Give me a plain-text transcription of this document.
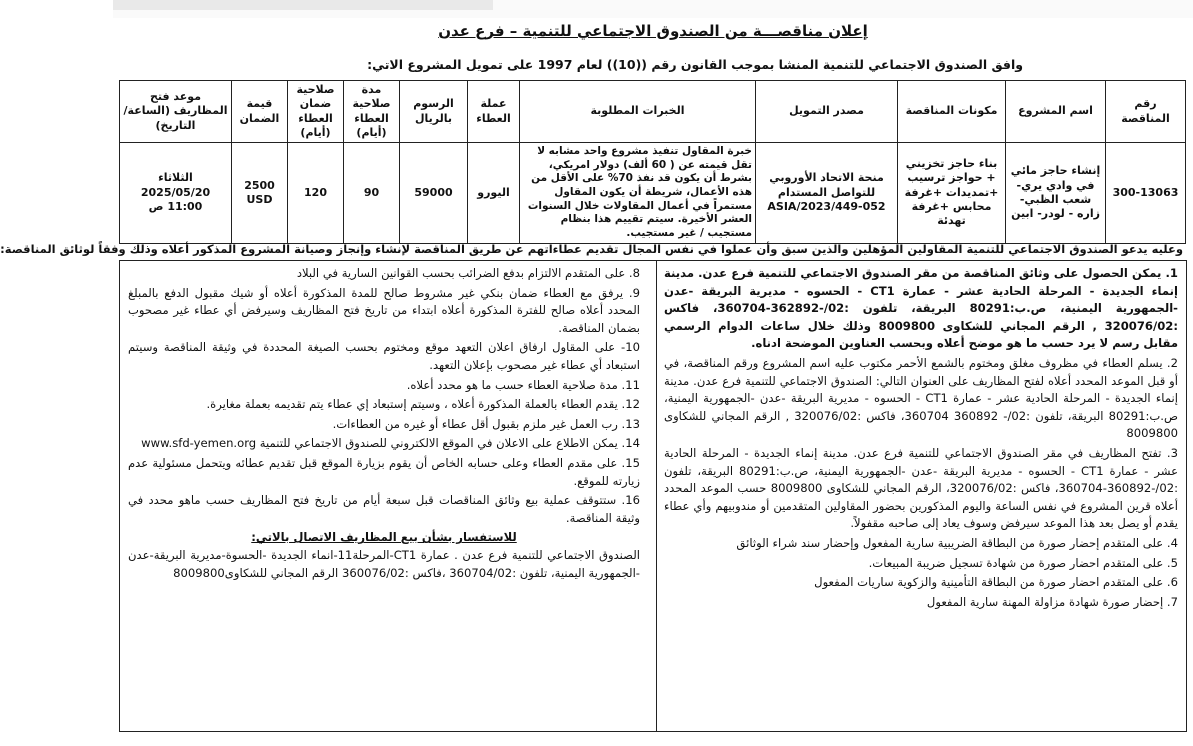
إعلان مناقصـــة من الصندوق الاجتماعي للتنمية – فرع عدن
وافق الصندوق الاجتماعي للتنمية المنشا بموجب القانون رقم ((10)) لعام 1997 على تمويل المشروع الاتي:
رقم المناقصة	اسم المشروع	مكونات المناقصة	مصدر التمويل	الخبرات المطلوبة	عملة العطاء	الرسوم بالريال	مدة صلاحية العطاء (أيام)	صلاحية ضمان العطاء (أيام)	قيمة الضمان	موعد فتح المظاريف (الساعة/التاريخ)
300-13063	إنشاء حاجز مائي في وادي يري- شعب الظبي- زاره - لودر- ابين	بناء حاجز تخزيني + حواجز ترسيب +تمديدات +غرفة محابس +غرفة تهدئة	منحة الاتحاد الأوروبي للتواصل المستدام ASIA/2023/449-052	خبرة المقاول تنفيذ مشروع واحد مشابه لا تقل قيمته عن ( 60 ألف) دولار امريكي، بشرط أن يكون قد نفذ 70% على الأقل من هذه الأعمال، شريطة أن يكون المقاول مستمراً في أعمال المقاولات خلال السنوات العشر الأخيرة. سيتم تقييم هذا بنظام مستجيب / غير مستجيب.	اليورو	59000	90	120	2500 USD	الثلاثاء 2025/05/20 11:00 ص
وعليه يدعو الصندوق الاجتماعي للتنمية المقاولين المؤهلين والذين سبق وأن عملوا في نفس المجال تقديم عطاءاتهم عن طريق المناقصة لإنشاء وإنجاز وصيانة المشروع المذكور أعلاه وذلك وفقاً لوثائق المناقصة:

1. يمكن الحصول على وثائق المناقصة من مقر الصندوق الاجتماعي للتنمية فرع عدن. مدينة إنماء الجديدة - المرحلة الحادية عشر - عمارة CT1 - الحسوه - مديرية البريقة -عدن -الجمهورية اليمنية، ص.ب:80291 البريقة، تلفون :02/-362892-360704، فاكس :320076/02 , الرقم المجاني للشكاوى 8009800 وذلك خلال ساعات الدوام الرسمي مقابل رسم لا يرد حسب ما هو موضح أعلاه وبحسب العناوين الموضحة ادناه.

2. يسلم العطاء في مظروف مغلق ومختوم بالشمع الأحمر مكتوب عليه اسم المشروع ورقم المناقصة، في أو قبل الموعد المحدد أعلاه لفتح المظاريف على العنوان التالي: الصندوق الاجتماعي للتنمية فرع عدن. مدينة إنماء الجديدة - المرحلة الحادية عشر - عمارة CT1 - الحسوه - مديرية البريقة -عدن -الجمهورية اليمنية، ص.ب:80291 البريقة، تلفون :02/- 360892 360704، فاكس :320076/02 , الرقم المجاني للشكاوى 8009800

3. تفتح المظاريف في مقر الصندوق الاجتماعي للتنمية فرع عدن. مدينة إنماء الجديدة - المرحلة الحادية عشر - عمارة CT1 - الحسوه - مديرية البريقة -عدن -الجمهورية اليمنية، ص.ب:80291 البريقة، تلفون :02/-360892-360704، فاكس :320076/02، الرقم المجاني للشكاوى 8009800 حسب الموعد المحدد أعلاه قرين المشروع في نفس الساعة واليوم المذكورين بحضور المقاولين المتقدمين أو مندوبيهم وأي عطاء يقدم أو يصل بعد هذا الموعد سيرفض وسوف يعاد إلى صاحبه مقفولاً.

4. على المتقدم إحضار صورة من البطاقة الضريبية سارية المفعول وإحضار سند شراء الوثائق

5. على المتقدم احضار صورة من شهادة تسجيل ضريبة المبيعات.

6. على المتقدم احضار صورة من البطاقة التأمينية والزكوية ساريات المفعول

7. إحضار صورة شهادة مزاولة المهنة سارية المفعول

8. على المتقدم الالتزام بدفع الضرائب بحسب القوانين السارية في البلاد

9. يرفق مع العطاء ضمان بنكي غير مشروط صالح للمدة المذكورة أعلاه أو شيك مقبول الدفع بالمبلغ المحدد أعلاه صالح للفترة المذكورة أعلاه ابتداء من تاريخ فتح المظاريف وسيرفض أي عطاء غير مصحوب بضمان المناقصة.

10- على المقاول ارفاق اعلان التعهد موقع ومختوم بحسب الصيغة المحددة في وثيقة المناقصة وسيتم استبعاد أي عطاء غير مصحوب بإعلان التعهد.

11. مدة صلاحية العطاء حسب ما هو محدد أعلاه.

12. يقدم العطاء بالعملة المذكورة أعلاه ، وسيتم إستبعاد إي عطاء يتم تقديمه بعملة مغايرة.

13. رب العمل غير ملزم بقبول أقل عطاء أو غيره من العطاءات.

14. يمكن الاطلاع على الاعلان في الموقع الالكتروني للصندوق الاجتماعي للتنمية www.sfd-yemen.org

15. على مقدم العطاء وعلى حسابه الخاص أن يقوم بزيارة الموقع قبل تقديم عطائه ويتحمل مسئولية عدم زيارته للموقع.

16. ستتوقف عملية بيع وثائق المناقصات قبل سبعة أيام من تاريخ فتح المظاريف حسب ماهو محدد في وثيقة المناقصة.

للاستفسار بشأن بيع المظاريف الاتصال بالاتي:

الصندوق الاجتماعي للتنمية فرع عدن . عمارة CT1-المرحلة11-انماء الجديدة -الحسوة-مديرية البريقة-عدن -الجمهورية اليمنية، تلفون :360704/02 ،فاكس :360076/02 الرقم المجاني للشكاوى8009800
